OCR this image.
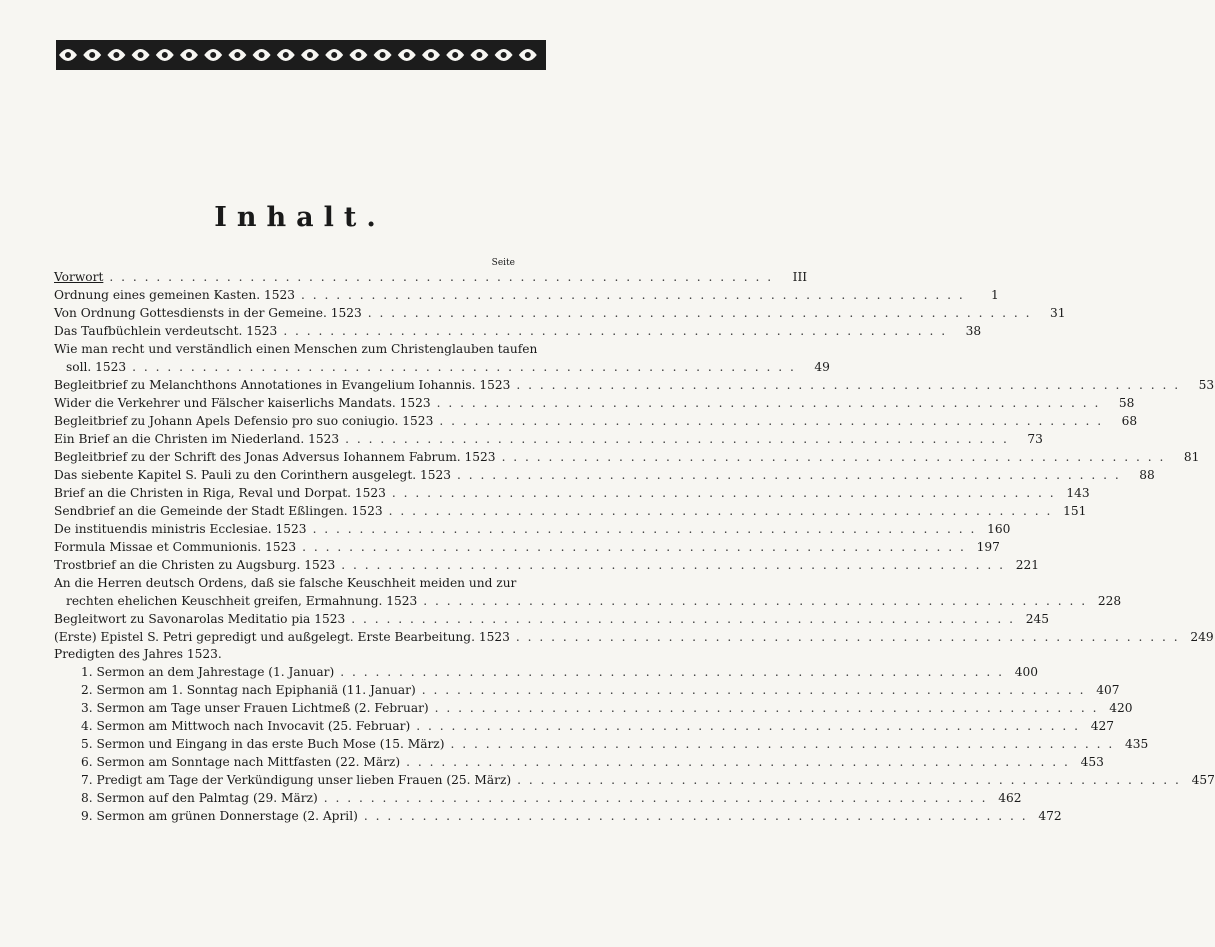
Inhalt.
Seite
Vorwort . . .	III
Ordnung eines gemeinen Kasten. 1523 . . .	1
Von Ordnung Gottesdiensts in der Gemeine. 1523 . . .	31
Das Taufbüchlein verdeutscht. 1523 . . .	38
Wie man recht und verständlich einen Menschen zum Christenglauben taufen
soll. 1523 . . .	49
Begleitbrief zu Melanchthons Annotationes in Evangelium Iohannis. 1523 . . .	53
Wider die Verkehrer und Fälscher kaiserlichs Mandats. 1523 . . .	58
Begleitbrief zu Johann Apels Defensio pro suo coniugio. 1523 . . .	68
Ein Brief an die Christen im Niederland. 1523 . . .	73
Begleitbrief zu der Schrift des Jonas Adversus Iohannem Fabrum. 1523 . . .	81
Das siebente Kapitel S. Pauli zu den Corinthern ausgelegt. 1523 . . .	88
Brief an die Christen in Riga, Reval und Dorpat. 1523 . . .	143
Sendbrief an die Gemeinde der Stadt Eßlingen. 1523 . . .	151
De instituendis ministris Ecclesiae. 1523 . . .	160
Formula Missae et Communionis. 1523 . . .	197
Trostbrief an die Christen zu Augsburg. 1523 . . .	221
An die Herren deutsch Ordens, daß sie falsche Keuschheit meiden und zur
rechten ehelichen Keuschheit greifen, Ermahnung. 1523 . . .	228
Begleitwort zu Savonarolas Meditatio pia 1523 . . .	245
(Erste) Epistel S. Petri gepredigt und außgelegt. Erste Bearbeitung. 1523 . . .	249
Predigten des Jahres 1523.
1. Sermon an dem Jahrestage (1. Januar) . . .	400
2. Sermon am 1. Sonntag nach Epiphaniä (11. Januar) . . .	407
3. Sermon am Tage unser Frauen Lichtmeß (2. Februar) . . .	420
4. Sermon am Mittwoch nach Invocavit (25. Februar) . . .	427
5. Sermon und Eingang in das erste Buch Mose (15. März) . . .	435
6. Sermon am Sonntage nach Mittfasten (22. März) . . .	453
7. Predigt am Tage der Verkündigung unser lieben Frauen (25. März) . . .	457
8. Sermon auf den Palmtag (29. März) . . .	462
9. Sermon am grünen Donnerstage (2. April) . . .	472
